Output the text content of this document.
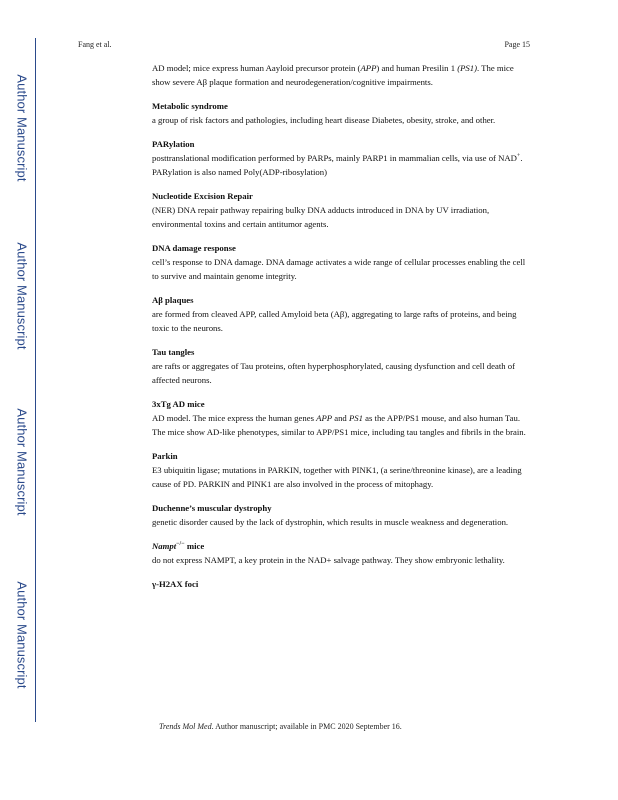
Author Manuscript
Author Manuscript
Author Manuscript
Author Manuscript
Fang et al.	Page 15

AD model; mice express human Aayloid precursor protein (APP) and human Presilin 1 (PS1). The mice show severe Aβ plaque formation and neurodegeneration/cognitive impairments.

Metabolic syndrome

a group of risk factors and pathologies, including heart disease Diabetes, obesity, stroke, and other.

PARylation

posttranslational modification performed by PARPs, mainly PARP1 in mammalian cells, via use of NAD+. PARylation is also named Poly(ADP-ribosylation)

Nucleotide Excision Repair

(NER) DNA repair pathway repairing bulky DNA adducts introduced in DNA by UV irradiation, environmental toxins and certain antitumor agents.

DNA damage response

cell’s response to DNA damage. DNA damage activates a wide range of cellular processes enabling the cell to survive and maintain genome integrity.

Aβ plaques

are formed from cleaved APP, called Amyloid beta (Aβ), aggregating to large rafts of proteins, and being toxic to the neurons.

Tau tangles

are rafts or aggregates of Tau proteins, often hyperphosphorylated, causing dysfunction and cell death of affected neurons.

3xTg AD mice

AD model. The mice express the human genes APP and PS1 as the APP/PS1 mouse, and also human Tau. The mice show AD-like phenotypes, similar to APP/PS1 mice, including tau tangles and fibrils in the brain.

Parkin

E3 ubiquitin ligase; mutations in PARKIN, together with PINK1, (a serine/threonine kinase), are a leading cause of PD. PARKIN and PINK1 are also involved in the process of mitophagy.

Duchenne’s muscular dystrophy

genetic disorder caused by the lack of dystrophin, which results in muscle weakness and degeneration.

Nampt−/− mice

do not express NAMPT, a key protein in the NAD+ salvage pathway. They show embryonic lethality.

γ-H2AX foci

Trends Mol Med. Author manuscript; available in PMC 2020 September 16.
